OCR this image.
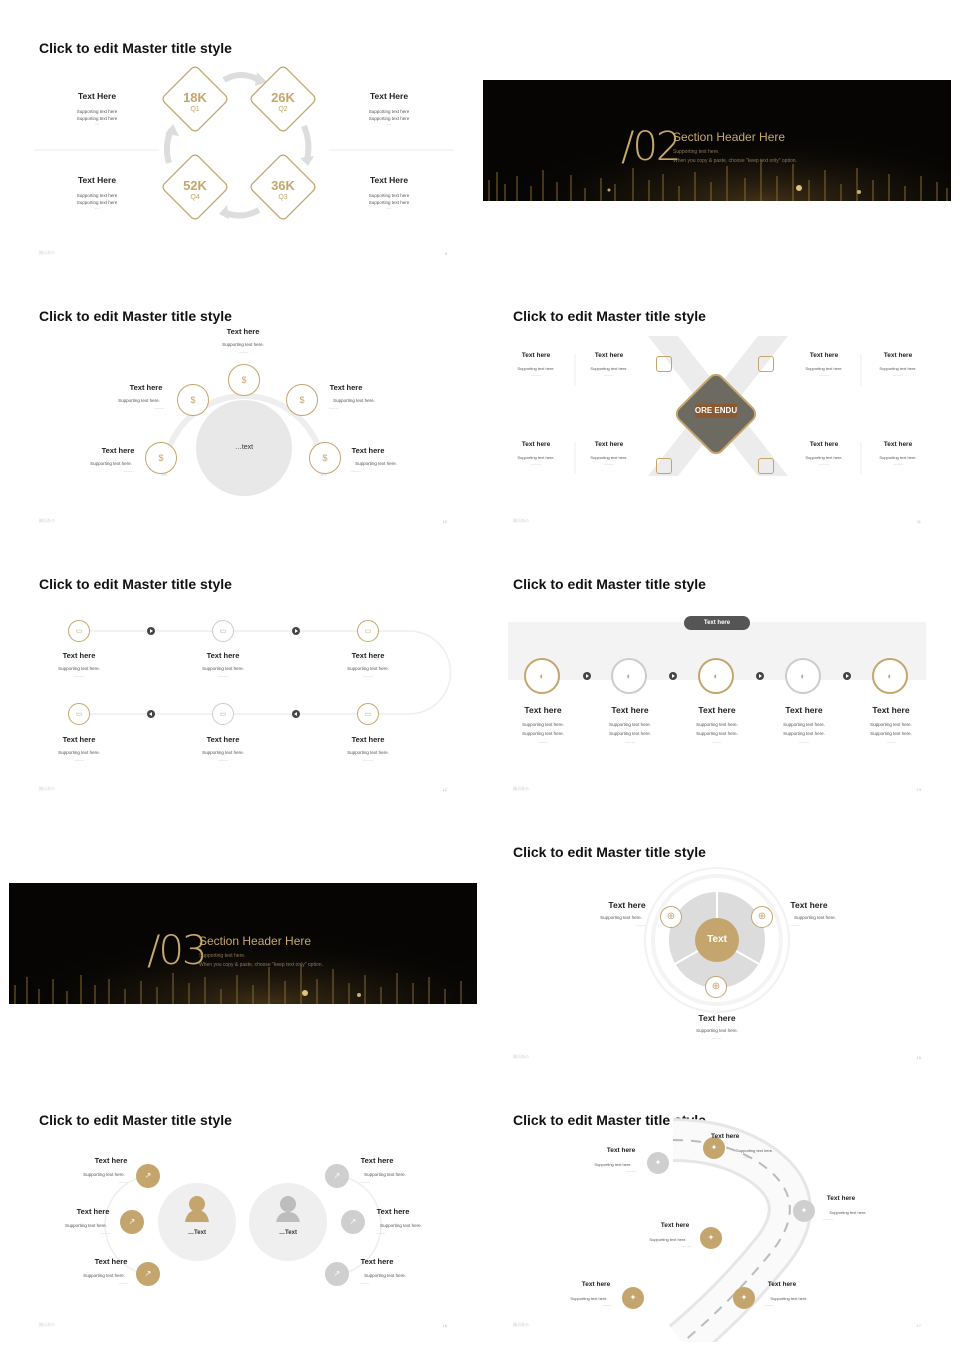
Click to edit Master title style
18K
Q1
26K
Q2
52K
Q4
36K
Q3
Text Here
Supporting text here
Supporting text here
···
Text Here
Supporting text here
Supporting text here
···
Text Here
Supporting text here
Supporting text here
···
Text Here
Supporting text here
Supporting text here
···
演示办公	8
/02
Section Header Here
Supporting text here.
When you copy & paste, choose "keep text only" option.
Click to edit Master title style
…text
$
$	$
$	$
Text here
Supporting text here.
……
Text here
Supporting text here.
……
Text here
Supporting text here.
……
Text here
Supporting text here.
……
Text here
Supporting text here.
……
演示办公	10
Click to edit Master title style
ORE ENDU
Text here
Supporting text here.
……
Text here
Supporting text here.
……
Text here
Supporting text here.
……
Text here
Supporting text here.
……
Text here
Supporting text here.
……
Text here
Supporting text here.
……
Text here
Supporting text here.
……
Text here
Supporting text here.
……
演示办公	11
Click to edit Master title style
▭	▭	▭
▭	▭	▭
Text here
Supporting text here.
……
Text here
Supporting text here.
……
Text here
Supporting text here.
……
Text here
Supporting text here.
……
Text here
Supporting text here.
……
Text here
Supporting text here.
……
演示办公	12
Click to edit Master title style
Text here
◐	◐	◐	◐	◐
Text here
Supporting text here.
Supporting text here.
……
Text here
Supporting text here.
Supporting text here.
……
Text here
Supporting text here.
Supporting text here.
……
Text here
Supporting text here.
Supporting text here.
……
Text here
Supporting text here.
Supporting text here.
……
演示办公	13
/03
Section Header Here
Supporting text here.
When you copy & paste, choose "keep text only" option.
Click to edit Master title style
Text
⊕	⊕
⊕
Text here
Supporting text here.
……
Text here
Supporting text here.
……
Text here
Supporting text here.
……
演示办公	15
Click to edit Master title style
…Text	…Text
↗
↗
↗
↗
↗
↗
Text here
Supporting text here.
……
Text here
Supporting text here.
……
Text here
Supporting text here.
……
Text here
Supporting text here.
……
Text here
Supporting text here.
……
Text here
Supporting text here.
……
演示办公	16
Click to edit Master title style
✦
✦
✦
✦
✦	✦
Text here
Supporting text here.
……
Text here
Supporting text here.
……
Text here
Supporting text here.
……
Text here
Supporting text here.
……
Text here
Supporting text here.
……
Text here
Supporting text here.
……
演示办公	17
